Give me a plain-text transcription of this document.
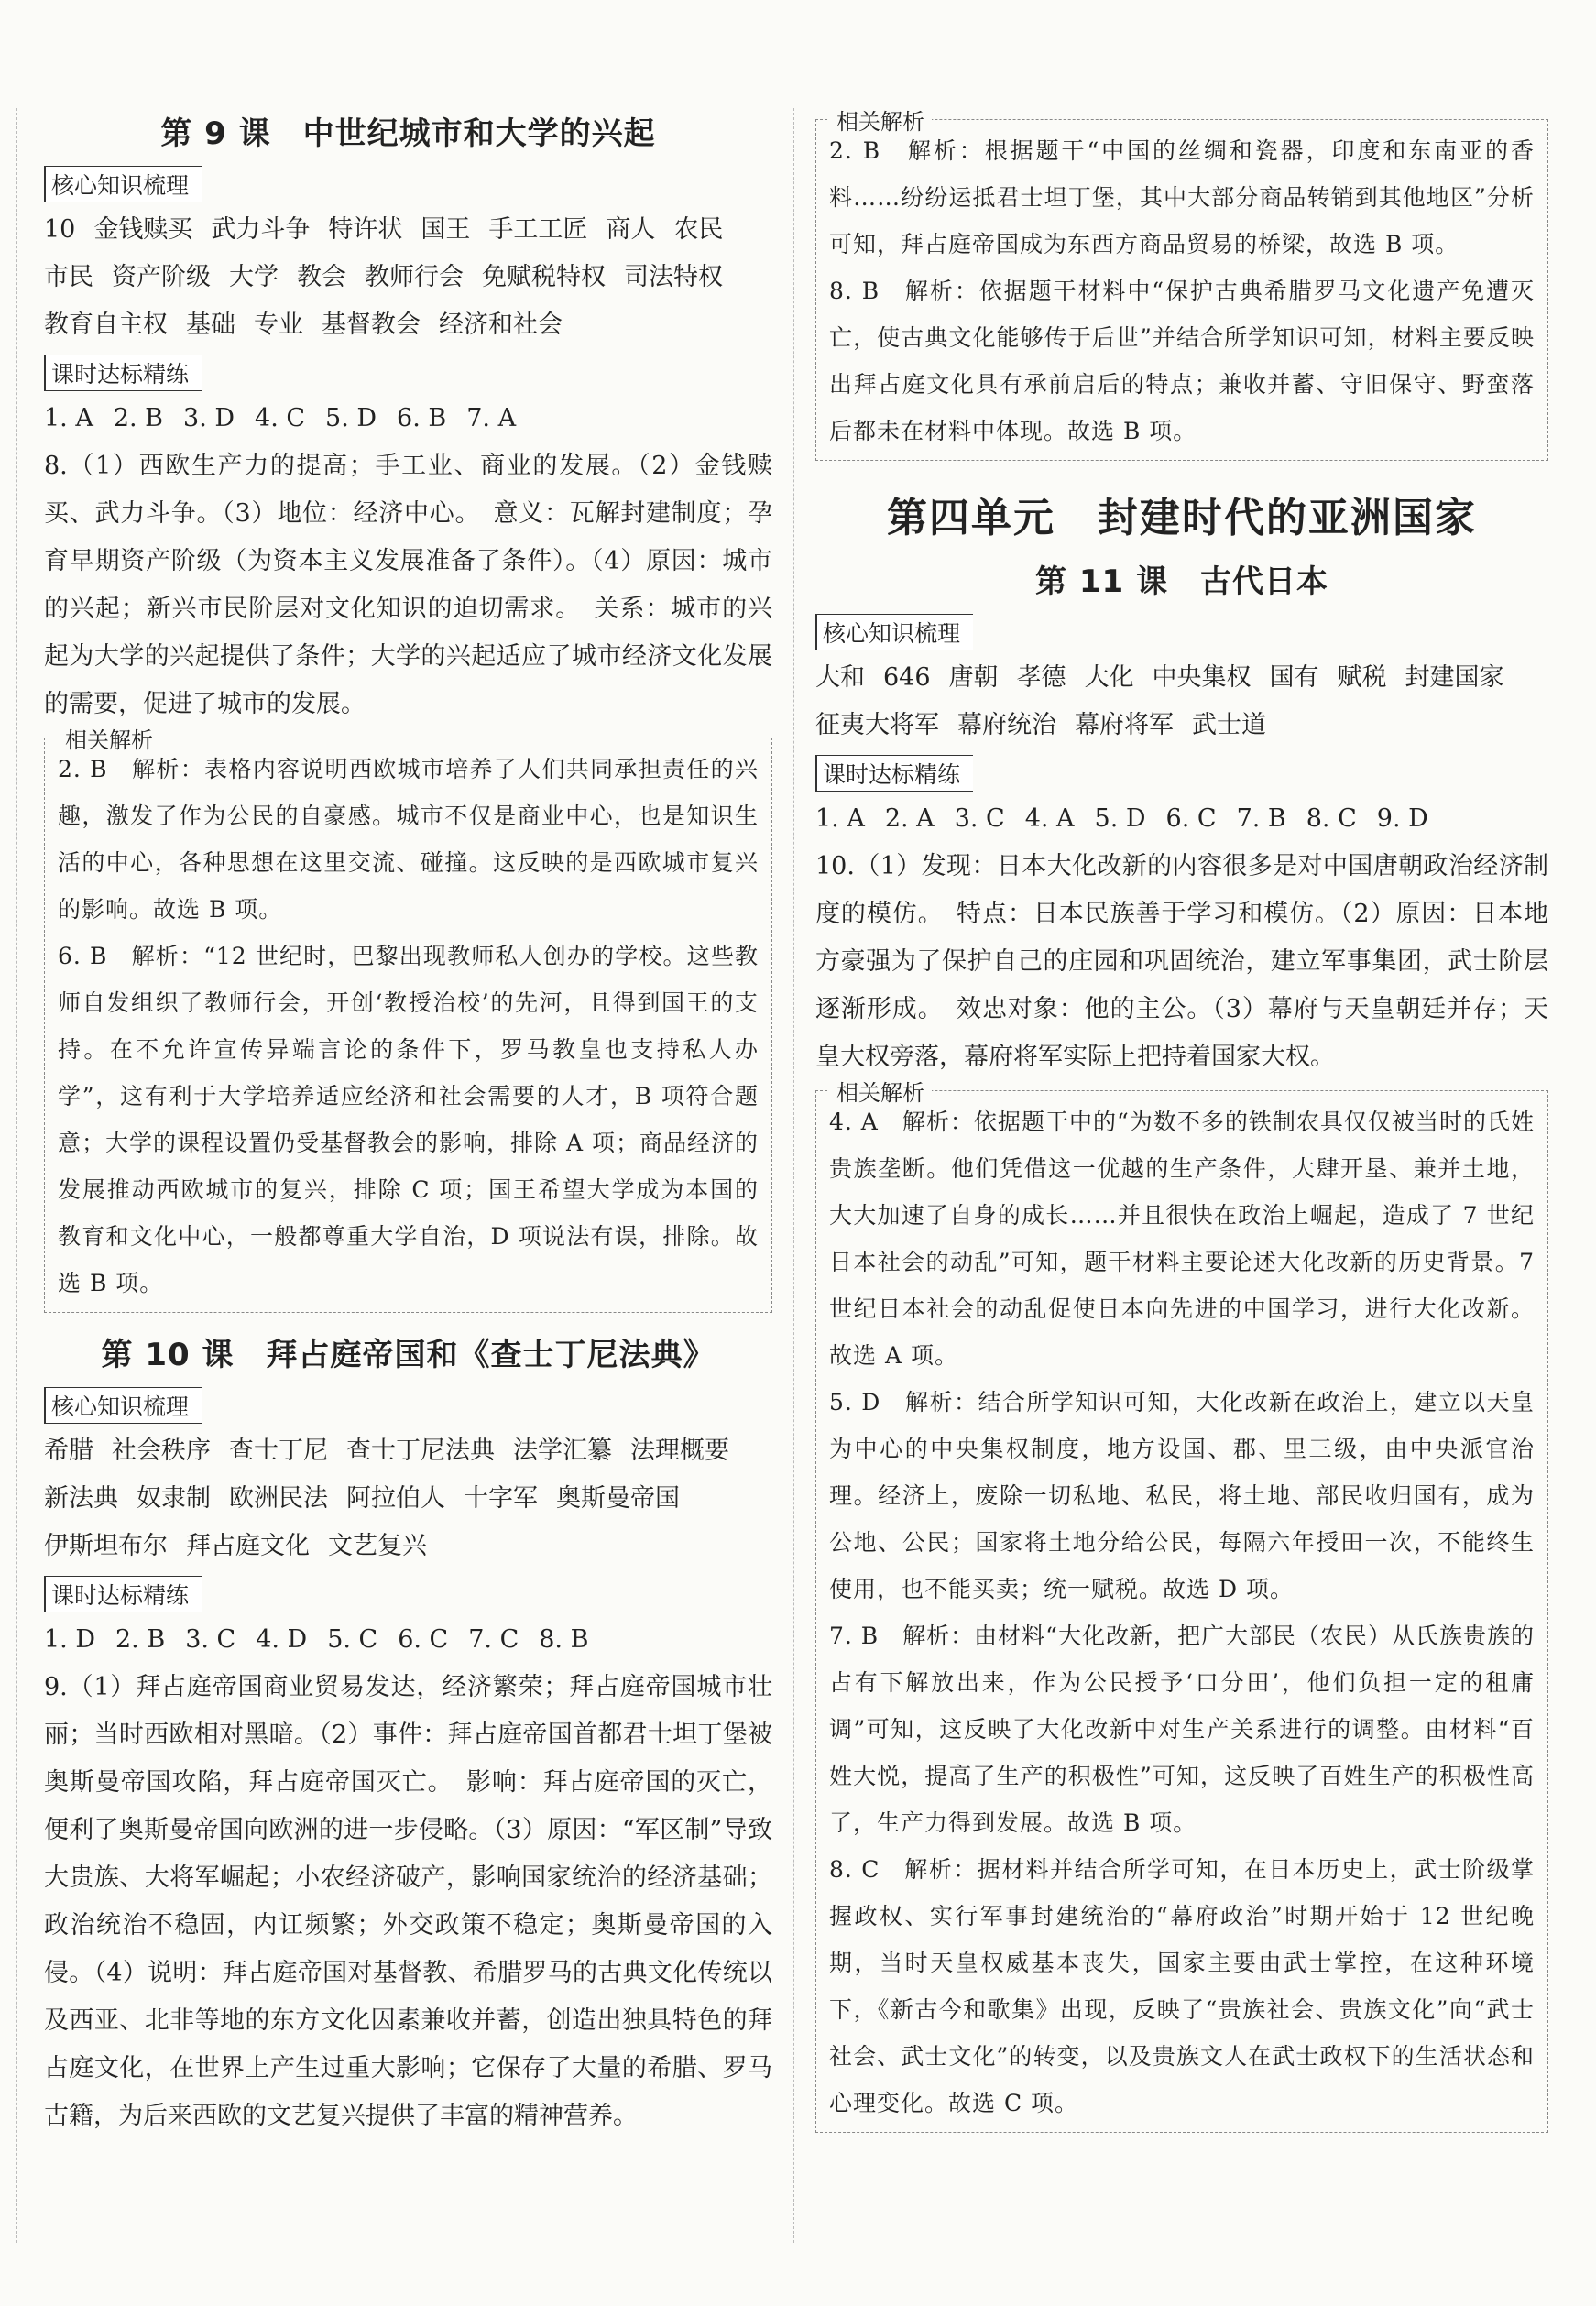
第 9 课　中世纪城市和大学的兴起
核心知识梳理
10 金钱赎买 武力斗争 特许状 国王 手工工匠 商人 农民市民 资产阶级 大学 教会 教师行会 免赋税特权 司法特权教育自主权 基础 专业 基督教会 经济和社会
课时达标精练
1. A 2. B 3. D 4. C 5. D 6. B 7. A

8.（1）西欧生产力的提高；手工业、商业的发展。（2）金钱赎买、武力斗争。（3）地位：经济中心。　意义：瓦解封建制度；孕育早期资产阶级（为资本主义发展准备了条件）。（4）原因：城市的兴起；新兴市民阶层对文化知识的迫切需求。　关系：城市的兴起为大学的兴起提供了条件；大学的兴起适应了城市经济文化发展的需要，促进了城市的发展。

相关解析

2. B　解析：表格内容说明西欧城市培养了人们共同承担责任的兴趣，激发了作为公民的自豪感。城市不仅是商业中心，也是知识生活的中心，各种思想在这里交流、碰撞。这反映的是西欧城市复兴的影响。故选 B 项。

6. B　解析：“12 世纪时，巴黎出现教师私人创办的学校。这些教师自发组织了教师行会，开创‘教授治校’的先河，且得到国王的支持。在不允许宣传异端言论的条件下，罗马教皇也支持私人办学”，这有利于大学培养适应经济和社会需要的人才，B 项符合题意；大学的课程设置仍受基督教会的影响，排除 A 项；商品经济的发展推动西欧城市的复兴，排除 C 项；国王希望大学成为本国的教育和文化中心，一般都尊重大学自治，D 项说法有误，排除。故选 B 项。

第 10 课　拜占庭帝国和《查士丁尼法典》
核心知识梳理
希腊 社会秩序 查士丁尼 查士丁尼法典 法学汇纂 法理概要新法典 奴隶制 欧洲民法 阿拉伯人 十字军 奥斯曼帝国伊斯坦布尔 拜占庭文化 文艺复兴
课时达标精练
1. D 2. B 3. C 4. D 5. C 6. C 7. C 8. B

9.（1）拜占庭帝国商业贸易发达，经济繁荣；拜占庭帝国城市壮丽；当时西欧相对黑暗。（2）事件：拜占庭帝国首都君士坦丁堡被奥斯曼帝国攻陷，拜占庭帝国灭亡。　影响：拜占庭帝国的灭亡，便利了奥斯曼帝国向欧洲的进一步侵略。（3）原因：“军区制”导致大贵族、大将军崛起；小农经济破产，影响国家统治的经济基础；政治统治不稳固，内讧频繁；外交政策不稳定；奥斯曼帝国的入侵。（4）说明：拜占庭帝国对基督教、希腊罗马的古典文化传统以及西亚、北非等地的东方文化因素兼收并蓄，创造出独具特色的拜占庭文化，在世界上产生过重大影响；它保存了大量的希腊、罗马古籍，为后来西欧的文艺复兴提供了丰富的精神营养。

相关解析

2. B　解析：根据题干“中国的丝绸和瓷器，印度和东南亚的香料……纷纷运抵君士坦丁堡，其中大部分商品转销到其他地区”分析可知，拜占庭帝国成为东西方商品贸易的桥梁，故选 B 项。

8. B　解析：依据题干材料中“保护古典希腊罗马文化遗产免遭灭亡，使古典文化能够传于后世”并结合所学知识可知，材料主要反映出拜占庭文化具有承前启后的特点；兼收并蓄、守旧保守、野蛮落后都未在材料中体现。故选 B 项。

第四单元　封建时代的亚洲国家
第 11 课　古代日本
核心知识梳理
大和 646 唐朝 孝德 大化 中央集权 国有 赋税 封建国家征夷大将军 幕府统治 幕府将军 武士道
课时达标精练
1. A 2. A 3. C 4. A 5. D 6. C 7. B 8. C 9. D

10.（1）发现：日本大化改新的内容很多是对中国唐朝政治经济制度的模仿。　特点：日本民族善于学习和模仿。（2）原因：日本地方豪强为了保护自己的庄园和巩固统治，建立军事集团，武士阶层逐渐形成。　效忠对象：他的主公。（3）幕府与天皇朝廷并存；天皇大权旁落，幕府将军实际上把持着国家大权。

相关解析

4. A　解析：依据题干中的“为数不多的铁制农具仅仅被当时的氏姓贵族垄断。他们凭借这一优越的生产条件，大肆开垦、兼并土地，大大加速了自身的成长……并且很快在政治上崛起，造成了 7 世纪日本社会的动乱”可知，题干材料主要论述大化改新的历史背景。7 世纪日本社会的动乱促使日本向先进的中国学习，进行大化改新。故选 A 项。

5. D　解析：结合所学知识可知，大化改新在政治上，建立以天皇为中心的中央集权制度，地方设国、郡、里三级，由中央派官治理。经济上，废除一切私地、私民，将土地、部民收归国有，成为公地、公民；国家将土地分给公民，每隔六年授田一次，不能终生使用，也不能买卖；统一赋税。故选 D 项。

7. B　解析：由材料“大化改新，把广大部民（农民）从氏族贵族的占有下解放出来，作为公民授予‘口分田’，他们负担一定的租庸调”可知，这反映了大化改新中对生产关系进行的调整。由材料“百姓大悦，提高了生产的积极性”可知，这反映了百姓生产的积极性高了，生产力得到发展。故选 B 项。

8. C　解析：据材料并结合所学可知，在日本历史上，武士阶级掌握政权、实行军事封建统治的“幕府政治”时期开始于 12 世纪晚期，当时天皇权威基本丧失，国家主要由武士掌控，在这种环境下，《新古今和歌集》出现，反映了“贵族社会、贵族文化”向“武士社会、武士文化”的转变，以及贵族文人在武士政权下的生活状态和心理变化。故选 C 项。
